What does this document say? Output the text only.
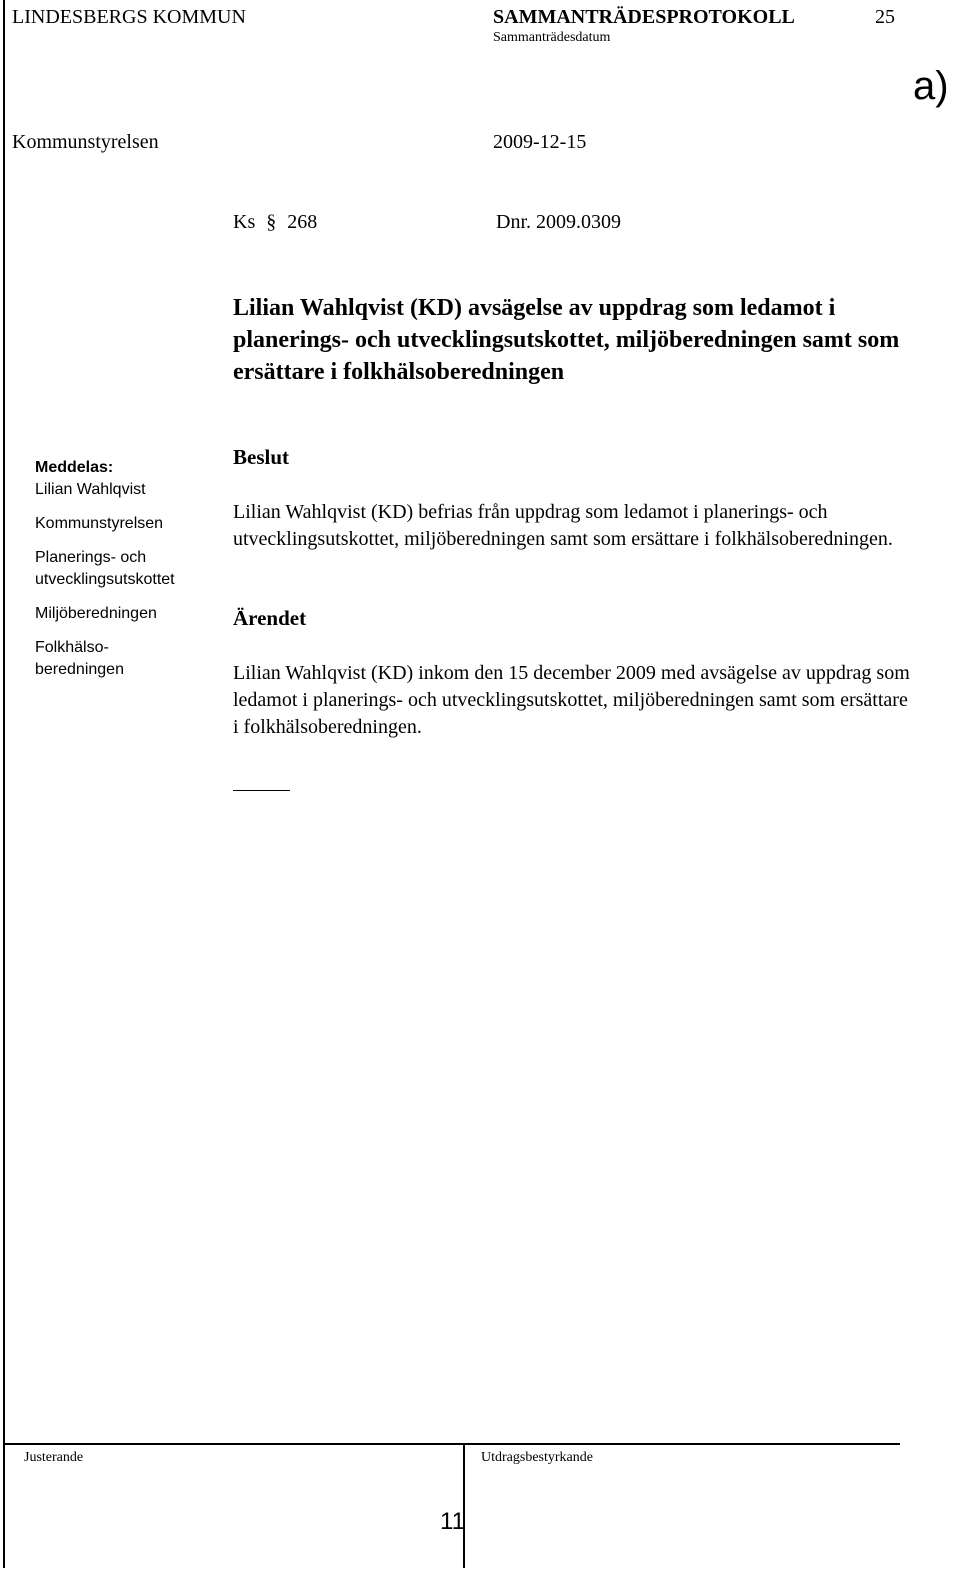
LINDESBERGS KOMMUN	SAMMANTRÄDESPROTOKOLL	25
Sammanträdesdatum
a)
Kommunstyrelsen	2009-12-15
Ks § 268	Dnr. 2009.0309
Lilian Wahlqvist (KD) avsägelse av uppdrag som ledamot i planerings- och utvecklingsutskottet, miljöberedningen samt som ersättare i folkhälsoberedningen
Meddelas:
Lilian Wahlqvist
Kommunstyrelsen
Planerings- och utvecklingsutskottet
Miljöberedningen
Folkhälso- beredningen
Beslut
Lilian Wahlqvist (KD) befrias från uppdrag som ledamot i planerings- och utvecklingsutskottet, miljöberedningen samt som ersättare i folkhälsoberedningen.
Ärendet
Lilian Wahlqvist (KD) inkom den 15 december 2009 med avsägelse av uppdrag som ledamot i planerings- och utvecklingsutskottet, miljöberedningen samt som ersättare i folkhälsoberedningen.
Justerande	Utdragsbestyrkande
11
